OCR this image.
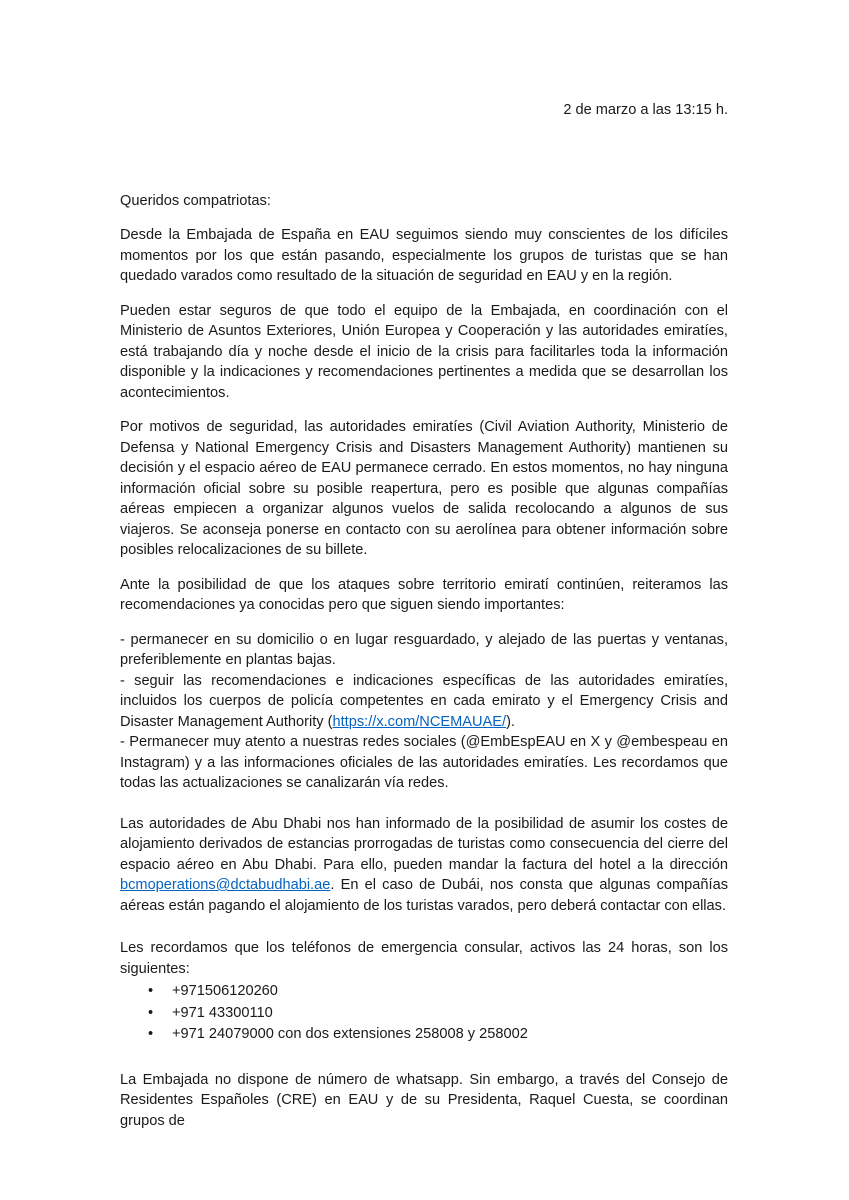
2 de marzo a las 13:15 h.

Queridos compatriotas:

Desde la Embajada de España en EAU seguimos siendo muy conscientes de los difíciles momentos por los que están pasando, especialmente los grupos de turistas que se han quedado varados como resultado de la situación de seguridad en EAU y en la región.

Pueden estar seguros de que todo el equipo de la Embajada, en coordinación con el Ministerio de Asuntos Exteriores, Unión Europea y Cooperación y las autoridades emiratíes, está trabajando día y noche desde el inicio de la crisis para facilitarles toda la información disponible y la indicaciones y recomendaciones pertinentes a medida que se desarrollan los acontecimientos.

Por motivos de seguridad, las autoridades emiratíes (Civil Aviation Authority, Ministerio de Defensa y National Emergency Crisis and Disasters Management Authority) mantienen su decisión y el espacio aéreo de EAU permanece cerrado. En estos momentos, no hay ninguna información oficial sobre su posible reapertura, pero es posible que algunas compañías aéreas empiecen a organizar algunos vuelos de salida recolocando a algunos de sus viajeros. Se aconseja ponerse en contacto con su aerolínea para obtener información sobre posibles relocalizaciones de su billete.

Ante la posibilidad de que los ataques sobre territorio emiratí continúen, reiteramos las recomendaciones ya conocidas pero que siguen siendo importantes:

- permanecer en su domicilio o en lugar resguardado, y alejado de las puertas y ventanas, preferiblemente en plantas bajas.

- seguir las recomendaciones e indicaciones específicas de las autoridades emiratíes, incluidos los cuerpos de policía competentes en cada emirato y el Emergency Crisis and Disaster Management Authority (https://x.com/NCEMAUAE/).

- Permanecer muy atento a nuestras redes sociales (@EmbEspEAU en X y @embespeau en Instagram) y a las informaciones oficiales de las autoridades emiratíes. Les recordamos que todas las actualizaciones se canalizarán vía redes.

Las autoridades de Abu Dhabi nos han informado de la posibilidad de asumir los costes de alojamiento derivados de estancias prorrogadas de turistas como consecuencia del cierre del espacio aéreo en Abu Dhabi. Para ello, pueden mandar la factura del hotel a la dirección bcmoperations@dctabudhabi.ae. En el caso de Dubái, nos consta que algunas compañías aéreas están pagando el alojamiento de los turistas varados, pero deberá contactar con ellas.

Les recordamos que los teléfonos de emergencia consular, activos las 24 horas, son los siguientes:

• +971506120260
• +971 43300110
• +971 24079000 con dos extensiones 258008 y 258002

La Embajada no dispone de número de whatsapp. Sin embargo, a través del Consejo de Residentes Españoles (CRE) en EAU y de su Presidenta, Raquel Cuesta, se coordinan grupos de
